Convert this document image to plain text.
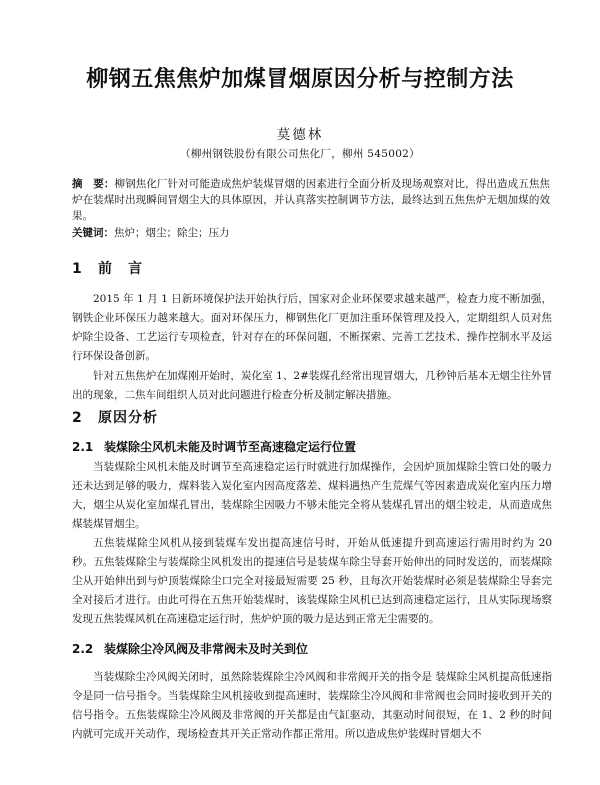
柳钢五焦焦炉加煤冒烟原因分析与控制方法
莫德林
（柳州钢铁股份有限公司焦化厂，柳州 545002）
摘　要：柳钢焦化厂针对可能造成焦炉装煤冒烟的因素进行全面分析及现场观察对比，得出造成五焦焦炉在装煤时出现瞬间冒烟尘大的具体原因，并认真落实控制调节方法，最终达到五焦焦炉无烟加煤的效果。
关键词：焦炉；烟尘；除尘；压力
1 前　言

2015 年 1 月 1 日新环境保护法开始执行后，国家对企业环保要求越来越严，检查力度不断加强，钢铁企业环保压力越来越大。面对环保压力，柳钢焦化厂更加注重环保管理及投入，定期组织人员对焦炉除尘设备、工艺运行专项检查，针对存在的环保问题，不断探索、完善工艺技术、操作控制水平及运行环保设备创新。

针对五焦焦炉在加煤刚开始时，炭化室 1、2#装煤孔经常出现冒烟大，几秒钟后基本无烟尘往外冒出的现象，二焦车间组织人员对此问题进行检查分析及制定解决措施。

2 原因分析
2.1 装煤除尘风机未能及时调节至高速稳定运行位置

当装煤除尘风机未能及时调节至高速稳定运行时就进行加煤操作，会因炉顶加煤除尘管口处的吸力还未达到足够的吸力，煤料装入炭化室内因高度落差、煤料遇热产生荒煤气等因素造成炭化室内压力增大，烟尘从炭化室加煤孔冒出，装煤除尘因吸力不够未能完全将从装煤孔冒出的烟尘较走，从而造成焦煤装煤冒烟尘。

五焦装煤除尘风机从接到装煤车发出提高速信号时，开始从低速提升到高速运行需用时约为 20 秒。五焦装煤除尘与装煤除尘风机发出的提速信号是装煤车除尘导套开始伸出的同时发送的，而装煤除尘从开始伸出到与炉顶装煤除尘口完全对接最短需要 25 秒，且每次开始装煤时必须是装煤除尘导套完全对接后才进行。由此可得在五焦开始装煤时，该装煤除尘风机已达到高速稳定运行，且从实际现场察发现五焦装煤风机在高速稳定运行时，焦炉炉顶的吸力是达到正常无尘需要的。

2.2 装煤除尘冷风阀及非常阀未及时关到位

当装煤除尘冷风阀关闭时，虽然除装煤除尘冷风阀和非常阀开关的指令是 装煤除尘风机提高低速指令是同一信号指令。当装煤除尘风机接收到提高速时，装煤除尘冷风阀和非常阀也会同时接收到开关的信号指令。五焦装煤除尘冷风阀及非常阀的开关都是由气缸驱动，其驱动时间很短，在 1、2 秒的时间内就可完成开关动作，现场检查其开关正常动作都正常用。所以造成焦炉装煤时冒烟大不
